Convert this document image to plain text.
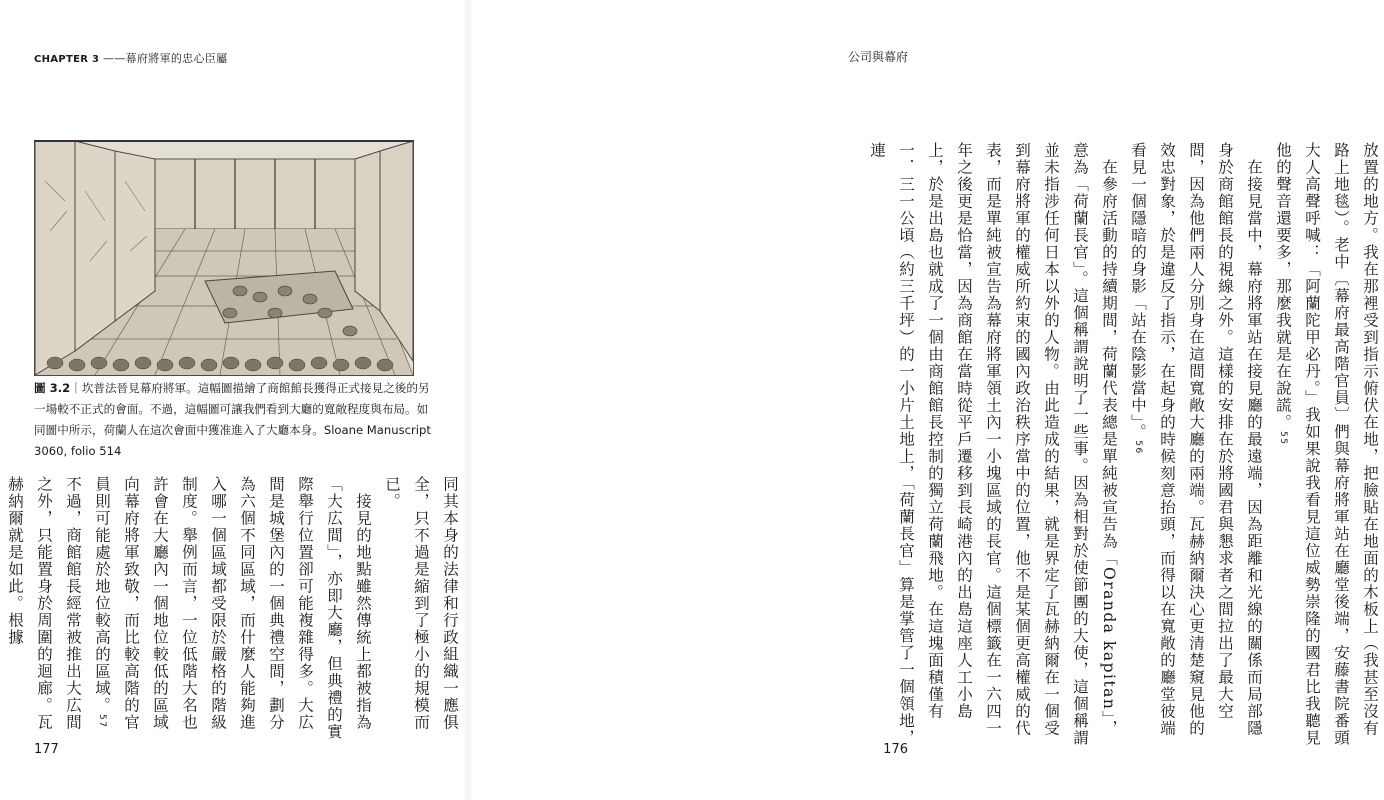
CHAPTER 3 ——幕府將軍的忠心臣屬
圖 3.2｜坎普法晉見幕府將軍。這幅圖描繪了商館館長獲得正式接見之後的另一場較不正式的會面。不過，這幅圖可讓我們看到大廳的寬敞程度與布局。如同圖中所示，荷蘭人在這次會面中獲准進入了大廳本身。Sloane Manuscript 3060, folio 514

同其本身的法律和行政組織一應俱全，只不過是縮到了極小的規模而已。

　接見的地點雖然傳統上都被指為「大広間」，亦即大廳，但典禮的實際舉行位置卻可能複雜得多。大広間是城堡內的一個典禮空間，劃分為六個不同區域，而什麼人能夠進入哪一個區域都受限於嚴格的階級制度。舉例而言，一位低階大名也許會在大廳內一個地位較低的區域向幕府將軍致敬，而比較高階的官員則可能處於地位較高的區域。57不過，商館館長經常被推出大広間之外，只能置身於周圍的迴廊。瓦赫納爾就是如此。根據

177
公司與幕府

放置的地方。我在那裡受到指示俯伏在地，把臉貼在地面的木板上（我甚至沒有路上地毯）。老中〔幕府最高階官員〕們與幕府將軍站在廳堂後端，安藤書院番頭大人高聲呼喊：「阿蘭陀甲必丹。」我如果說我看見這位威勢崇隆的國君比我聽見他的聲音還要多，那麼我就是在說謊。55

　在接見當中，幕府將軍站在接見廳的最遠端，因為距離和光線的關係而局部隱身於商館館長的視線之外。這樣的安排在於將國君與懇求者之間拉出了最大空間，因為他們兩人分別身在這間寬敞大廳的兩端。瓦赫納爾決心更清楚窺見他的效忠對象，於是違反了指示，在起身的時候刻意抬頭，而得以在寬敞的廳堂彼端看見一個隱暗的身影「站在陰影當中」。56

　在參府活動的持續期間，荷蘭代表總是單純被宣告為「Oranda kapitan」，意為「荷蘭長官」。這個稱謂說明了一些事。因為相對於使節團的大使，這個稱謂並未指涉任何日本以外的人物。由此造成的結果，就是界定了瓦赫納爾在一個受到幕府將軍的權威所約束的國內政治秩序當中的位置，他不是某個更高權威的代表，而是單純被宣告為幕府將軍領土內一小塊區域的長官。這個標籤在一六四一年之後更是恰當，因為商館在當時從平戶遷移到長崎港內的出島這座人工小島上，於是出島也就成了一個由商館館長控制的獨立荷蘭飛地。在這塊面積僅有一．三一公頃（約三千坪）的一小片土地上，「荷蘭長官」算是掌管了一個領地，連

176
